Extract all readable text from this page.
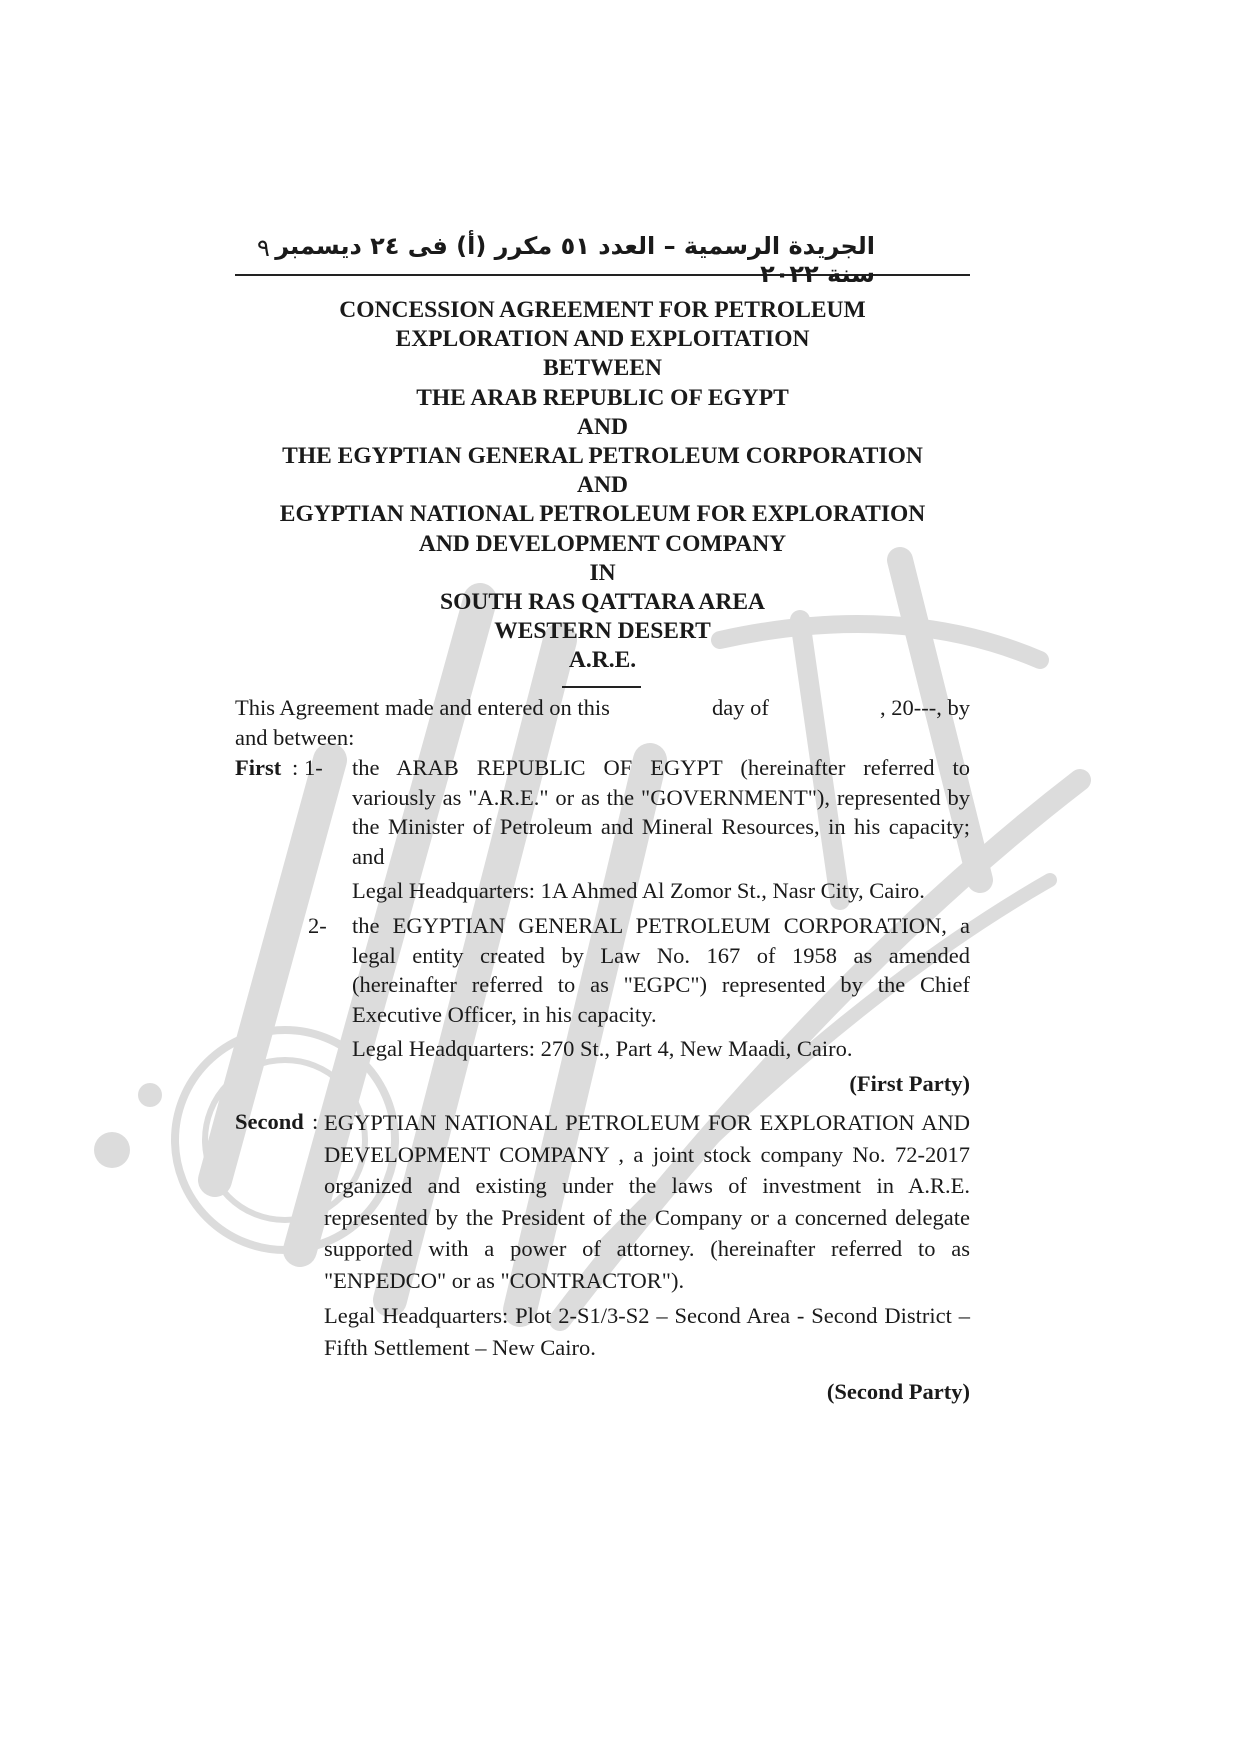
٩ الجريدة الرسمية – العدد ٥١ مكرر (أ) فى ٢٤ ديسمبر سنة ٢٠٢٢
CONCESSION AGREEMENT FOR PETROLEUM
EXPLORATION AND EXPLOITATION
BETWEEN
THE ARAB REPUBLIC OF EGYPT
AND
THE EGYPTIAN GENERAL PETROLEUM CORPORATION
AND
EGYPTIAN NATIONAL PETROLEUM FOR EXPLORATION
AND DEVELOPMENT COMPANY
IN
SOUTH RAS QATTARA AREA
WESTERN DESERT
A.R.E.
This Agreement made and entered on this	day of	, 20---, by
and between:
First : 1- the ARAB REPUBLIC OF EGYPT (hereinafter referred to variously as "A.R.E." or as the "GOVERNMENT"), represented by the Minister of Petroleum and Mineral Resources, in his capacity; and
Legal Headquarters: 1A Ahmed Al Zomor St., Nasr City, Cairo.
2- the EGYPTIAN GENERAL PETROLEUM CORPORATION, a legal entity created by Law No. 167 of 1958 as amended (hereinafter referred to as "EGPC") represented by the Chief Executive Officer, in his capacity.
Legal Headquarters: 270 St., Part 4, New Maadi, Cairo.
(First Party)
Second : EGYPTIAN NATIONAL PETROLEUM FOR EXPLORATION AND DEVELOPMENT COMPANY , a joint stock company No. 72-2017 organized and existing under the laws of investment in A.R.E. represented by the President of the Company or a concerned delegate supported with a power of attorney. (hereinafter referred to as "ENPEDCO" or as "CONTRACTOR").
Legal Headquarters: Plot 2-S1/3-S2 – Second Area - Second District – Fifth Settlement – New Cairo.
(Second Party)
